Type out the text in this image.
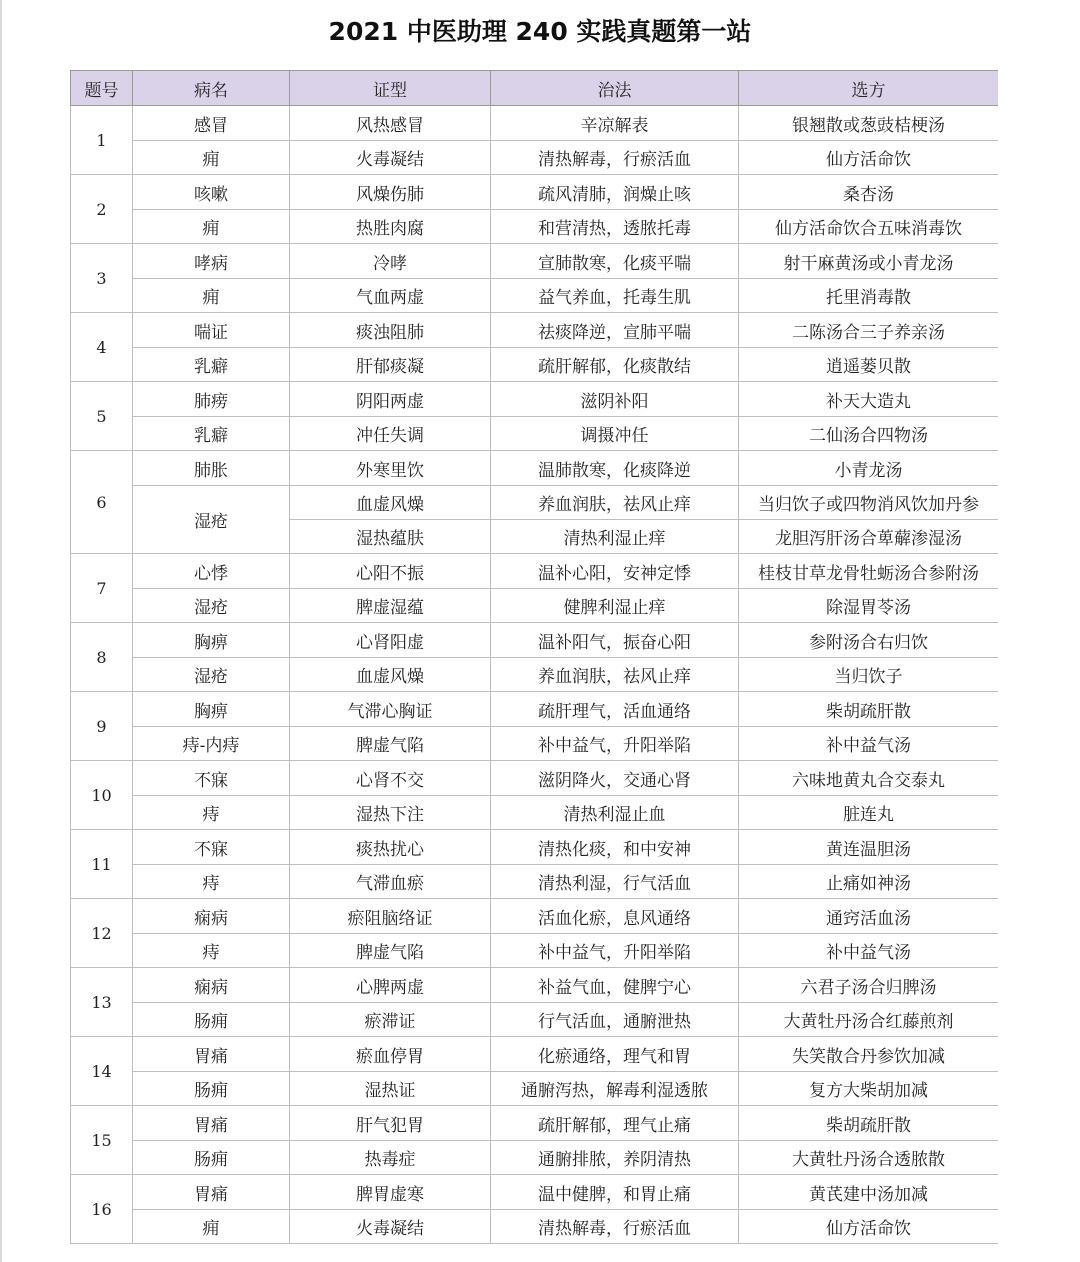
2021 中医助理 240 实践真题第一站
题号	病名	证型	治法	选方
1	感冒	风热感冒	辛凉解表	银翘散或葱豉桔梗汤
	痈	火毒凝结	清热解毒，行瘀活血	仙方活命饮
2	咳嗽	风燥伤肺	疏风清肺，润燥止咳	桑杏汤
	痈	热胜肉腐	和营清热，透脓托毒	仙方活命饮合五味消毒饮
3	哮病	冷哮	宣肺散寒，化痰平喘	射干麻黄汤或小青龙汤
	痈	气血两虚	益气养血，托毒生肌	托里消毒散
4	喘证	痰浊阻肺	祛痰降逆，宣肺平喘	二陈汤合三子养亲汤
	乳癖	肝郁痰凝	疏肝解郁，化痰散结	逍遥蒌贝散
5	肺痨	阴阳两虚	滋阴补阳	补天大造丸
	乳癖	冲任失调	调摄冲任	二仙汤合四物汤
6	肺胀	外寒里饮	温肺散寒，化痰降逆	小青龙汤
	湿疮	血虚风燥	养血润肤，祛风止痒	当归饮子或四物消风饮加丹参
		湿热蕴肤	清热利湿止痒	龙胆泻肝汤合萆薢渗湿汤
7	心悸	心阳不振	温补心阳，安神定悸	桂枝甘草龙骨牡蛎汤合参附汤
	湿疮	脾虚湿蕴	健脾利湿止痒	除湿胃苓汤
8	胸痹	心肾阳虚	温补阳气，振奋心阳	参附汤合右归饮
	湿疮	血虚风燥	养血润肤，祛风止痒	当归饮子
9	胸痹	气滞心胸证	疏肝理气，活血通络	柴胡疏肝散
	痔-内痔	脾虚气陷	补中益气，升阳举陷	补中益气汤
10	不寐	心肾不交	滋阴降火，交通心肾	六味地黄丸合交泰丸
	痔	湿热下注	清热利湿止血	脏连丸
11	不寐	痰热扰心	清热化痰，和中安神	黄连温胆汤
	痔	气滞血瘀	清热利湿，行气活血	止痛如神汤
12	痫病	瘀阻脑络证	活血化瘀，息风通络	通窍活血汤
	痔	脾虚气陷	补中益气，升阳举陷	补中益气汤
13	痫病	心脾两虚	补益气血，健脾宁心	六君子汤合归脾汤
	肠痈	瘀滞证	行气活血，通腑泄热	大黄牡丹汤合红藤煎剂
14	胃痛	瘀血停胃	化瘀通络，理气和胃	失笑散合丹参饮加减
	肠痈	湿热证	通腑泻热，解毒利湿透脓	复方大柴胡加减
15	胃痛	肝气犯胃	疏肝解郁，理气止痛	柴胡疏肝散
	肠痈	热毒症	通腑排脓，养阴清热	大黄牡丹汤合透脓散
16	胃痛	脾胃虚寒	温中健脾，和胃止痛	黄芪建中汤加减
	痈	火毒凝结	清热解毒，行瘀活血	仙方活命饮
